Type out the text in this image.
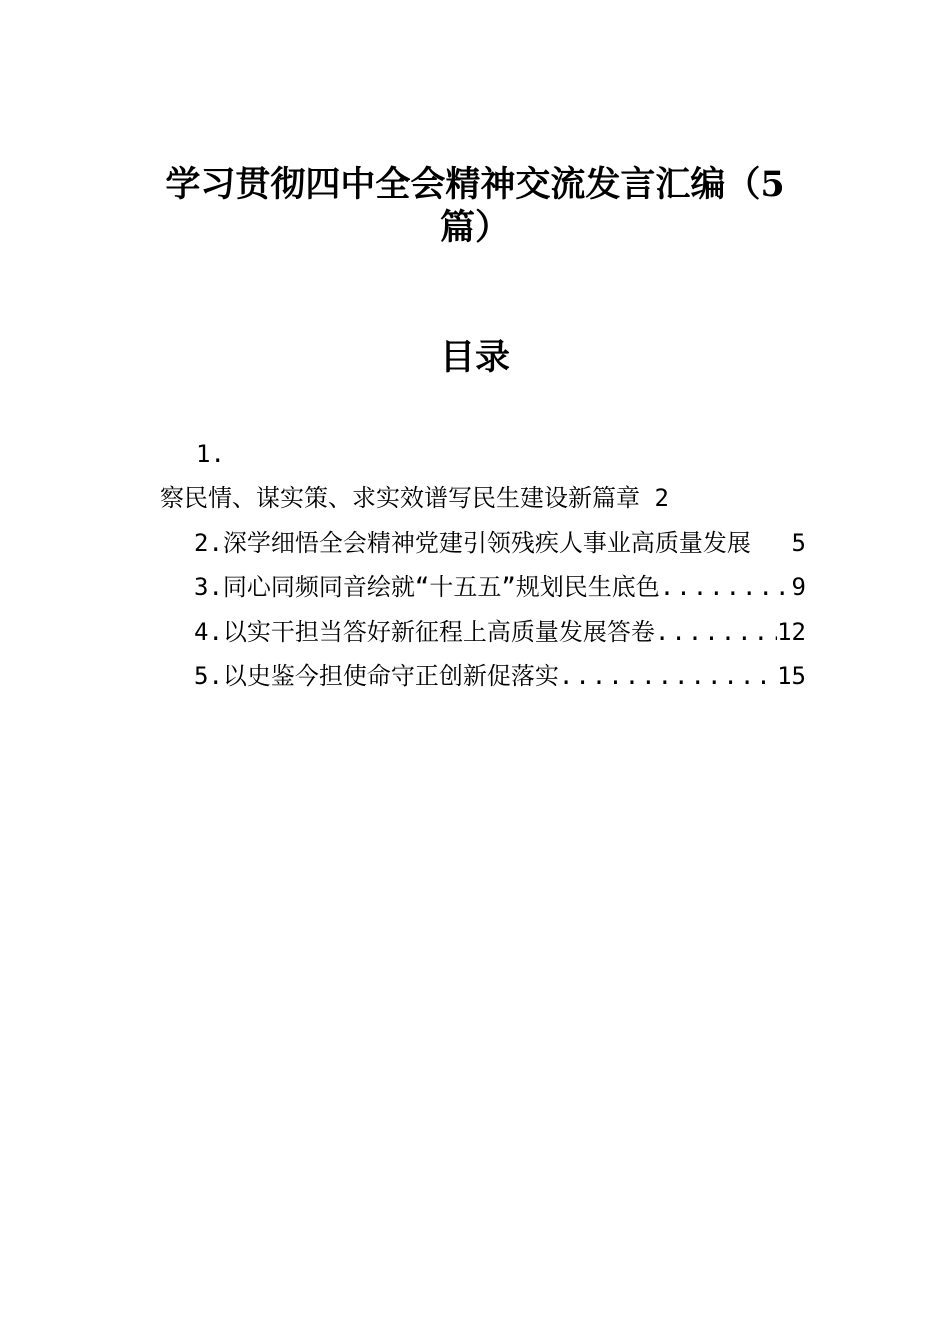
学习贯彻四中全会精神交流发言汇编（5
篇）
目录
1.
察民情、谋实策、求实效谱写民生建设新篇章 2
2.深学细悟全会精神党建引领残疾人事业高质量发展 5
3.同心同频同音绘就“十五五”规划民生底色 .....	9
4.以实干担当答好新征程上高质量发展答卷 .....	12
5.以史鉴今担使命守正创新促落实 .....	15
